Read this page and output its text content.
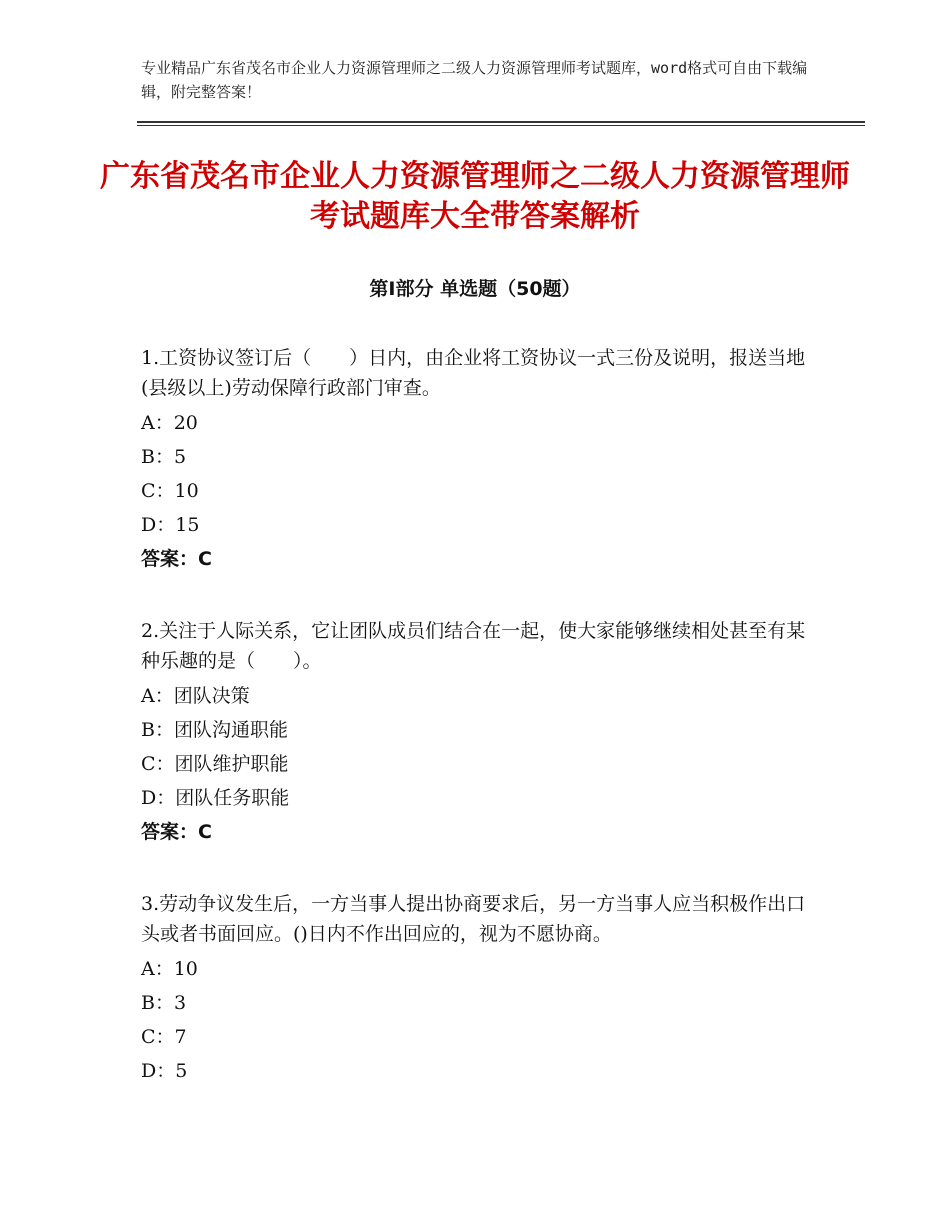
专业精品广东省茂名市企业人力资源管理师之二级人力资源管理师考试题库，word格式可自由下载编辑，附完整答案！
广东省茂名市企业人力资源管理师之二级人力资源管理师考试题库大全带答案解析
第Ⅰ部分 单选题（50题）
1.工资协议签订后（　　）日内，由企业将工资协议一式三份及说明，报送当地(县级以上)劳动保障行政部门审查。
A：20
B：5
C：10
D：15
答案：C
2.关注于人际关系，它让团队成员们结合在一起，使大家能够继续相处甚至有某种乐趣的是（　　）。
A：团队决策
B：团队沟通职能
C：团队维护职能
D：团队任务职能
答案：C
3.劳动争议发生后，一方当事人提出协商要求后，另一方当事人应当积极作出口头或者书面回应。()日内不作出回应的，视为不愿协商。
A：10
B：3
C：7
D：5
